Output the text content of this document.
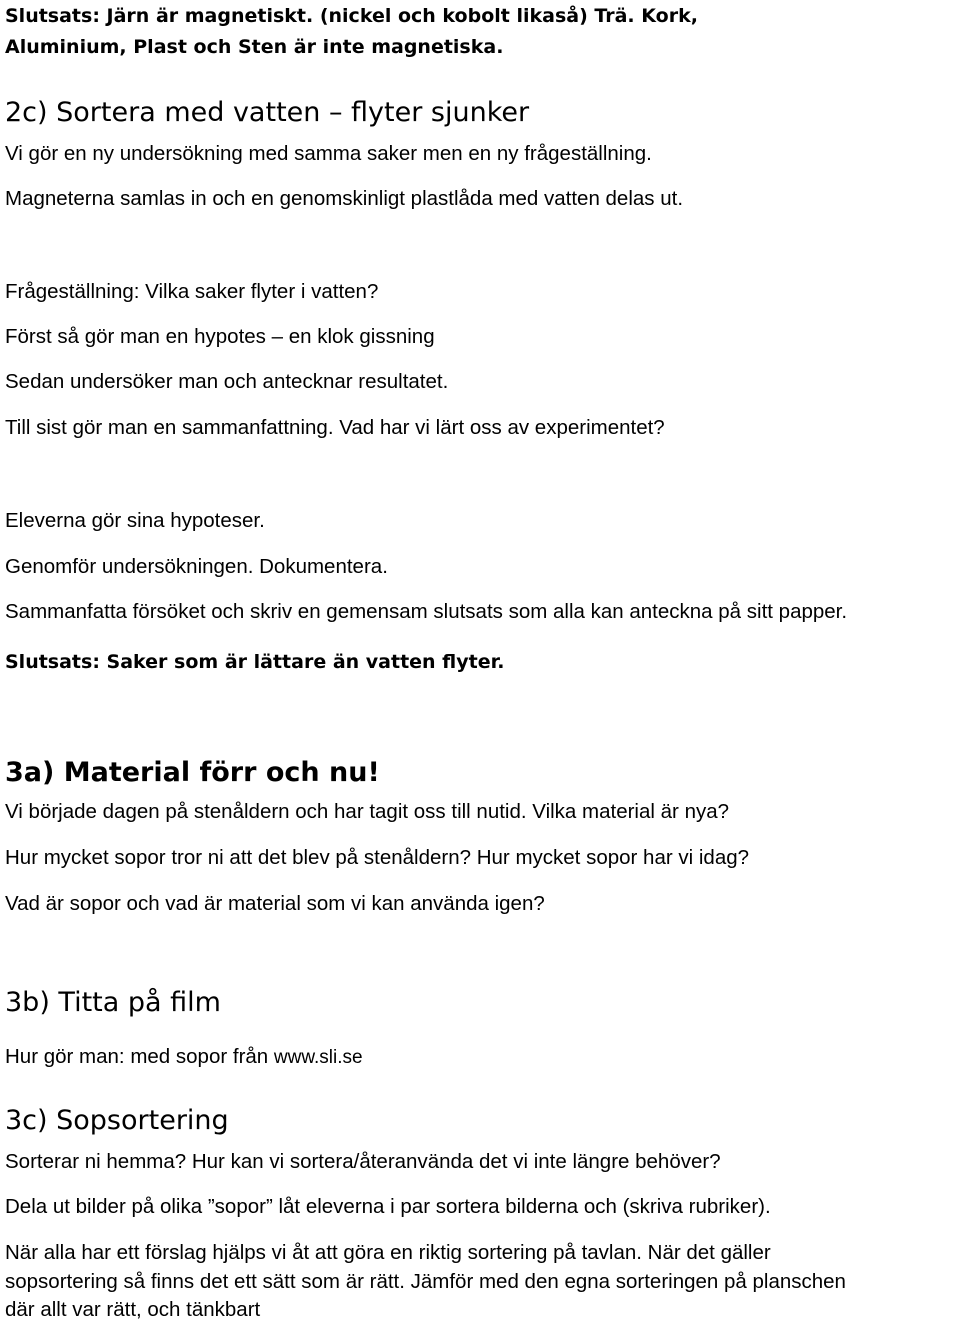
Slutsats: Järn är magnetiskt. (nickel och kobolt likaså) Trä. Kork,
Aluminium, Plast och Sten är inte magnetiska.
2c) Sortera med vatten – flyter sjunker
Vi gör en ny undersökning med samma saker men en ny frågeställning.
Magneterna samlas in och en genomskinligt plastlåda med vatten delas ut.
Frågeställning: Vilka saker flyter i vatten?
Först så gör man en hypotes – en klok gissning
Sedan undersöker man och antecknar resultatet.
Till sist gör man en sammanfattning. Vad har vi lärt oss av experimentet?
Eleverna gör sina hypoteser.
Genomför undersökningen. Dokumentera.
Sammanfatta försöket och skriv en gemensam slutsats som alla kan anteckna på sitt papper.
Slutsats: Saker som är lättare än vatten flyter.
3a) Material förr och nu!
Vi började dagen på stenåldern och har tagit oss till nutid. Vilka material är nya?
Hur mycket sopor tror ni att det blev på stenåldern? Hur mycket sopor har vi idag?
Vad är sopor och vad är material som vi kan använda igen?
3b) Titta på film
Hur gör man: med sopor från www.sli.se
3c) Sopsortering
Sorterar ni hemma? Hur kan vi sortera/återanvända det vi inte längre behöver?
Dela ut bilder på olika ”sopor” låt eleverna i par sortera bilderna och (skriva rubriker).
När alla har ett förslag hjälps vi åt att göra en riktig sortering på tavlan. När det gäller
sopsortering så finns det ett sätt som är rätt. Jämför med den egna sorteringen på planschen
där allt var rätt, och tänkbart
